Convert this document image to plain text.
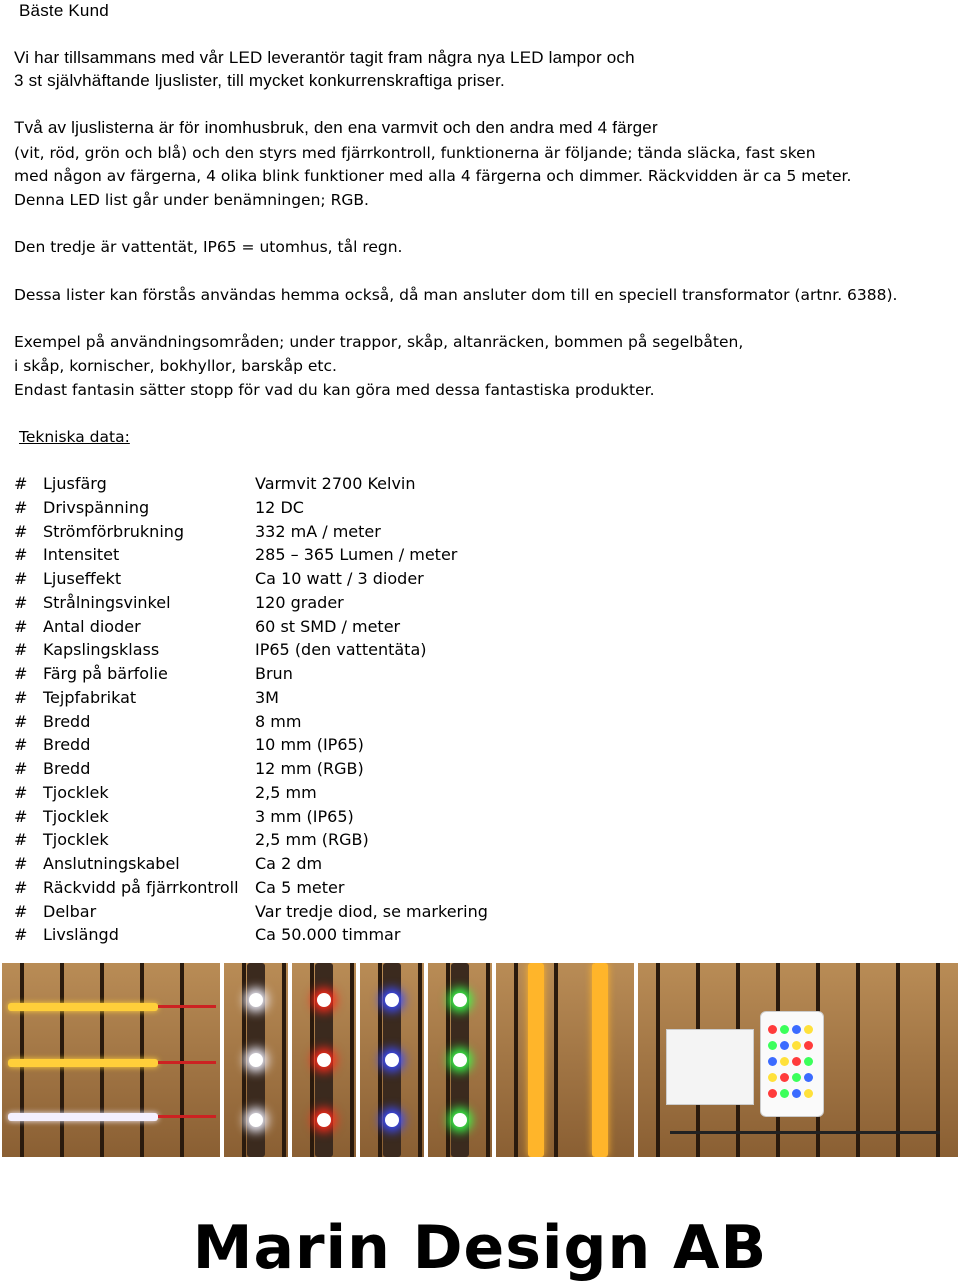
Bäste Kund
Vi har tillsammans med vår LED leverantör tagit fram några nya LED lampor och
3 st självhäftande ljuslister, till mycket konkurrenskraftiga priser.
Två av ljuslisterna är för inomhusbruk, den ena varmvit och den andra med 4 färger
(vit, röd, grön och blå) och den styrs med fjärrkontroll, funktionerna är följande; tända släcka, fast sken
med någon av färgerna, 4 olika blink funktioner med alla 4 färgerna och dimmer. Räckvidden är ca 5 meter.
Denna LED list går under benämningen; RGB.
Den tredje är vattentät, IP65 = utomhus, tål regn.
Dessa lister kan förstås användas hemma också, då man ansluter dom till en speciell transformator (artnr. 6388).
Exempel på användningsområden; under trappor, skåp, altanräcken, bommen på segelbåten,
i skåp, kornischer, bokhyllor, barskåp etc.
Endast fantasin sätter stopp för vad du kan göra med dessa fantastiska produkter.
Tekniska data:
# Ljusfärg	Varmvit 2700 Kelvin
# Drivspänning	12 DC
# Strömförbrukning	332 mA / meter
# Intensitet	285 – 365 Lumen / meter
# Ljuseffekt	Ca 10 watt / 3 dioder
# Strålningsvinkel	120 grader
# Antal dioder	60 st SMD / meter
# Kapslingsklass	IP65 (den vattentäta)
# Färg på bärfolie	Brun
# Tejpfabrikat	3M
# Bredd	8 mm
# Bredd	10 mm (IP65)
# Bredd	12 mm (RGB)
# Tjocklek	2,5 mm
# Tjocklek	3 mm (IP65)
# Tjocklek	2,5 mm (RGB)
# Anslutningskabel	Ca 2 dm
# Räckvidd på fjärrkontroll	Ca 5 meter
# Delbar	Var tredje diod, se markering
# Livslängd	Ca 50.000 timmar
Marin Design AB
